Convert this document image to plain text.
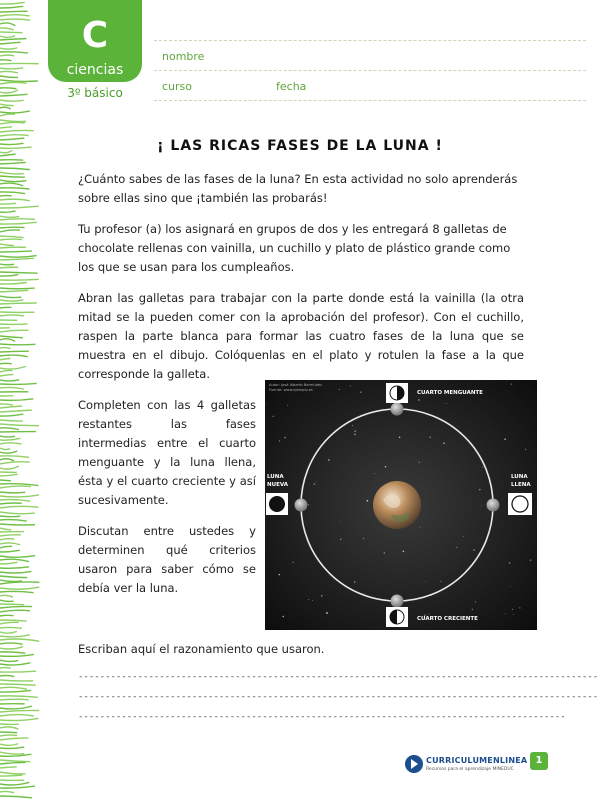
C
ciencias
3º básico
nombre
curso	fecha
¡ LAS RICAS FASES DE LA LUNA !

¿Cuánto sabes de las fases de la luna? En esta actividad no solo aprenderás sobre ellas sino que ¡también las probarás!

Tu profesor (a) los asignará en grupos de dos y les entregará 8 galletas de chocolate rellenas con vainilla, un cuchillo y plato de plástico grande como los que se usan para los cumpleaños.

Abran las galletas para trabajar con la parte donde está la vainilla (la otra mitad se la pueden comer con la aprobación del profesor). Con el cuchillo, raspen la parte blanca para formar las cuatro fases de la luna que se muestra en el dibujo. Colóquenlas en el plato y rotulen la fase a la que corresponde la galleta.

Completen con las 4 galletas restantes las fases intermedias entre el cuarto menguante y la luna llena, ésta y el cuarto creciente y así sucesivamente.

Discutan entre ustedes y determinen qué criterios usaron para saber cómo se debía ver la luna.

Escriban aquí el razonamiento que usaron.

------------------------------------------------------------------------------------------------
------------------------------------------------------------------------------------------------
------------------------------------------------------------------------------------------
Autor: José Alberto Bermúdez
Fuente: www.ejemplo.es	CUARTO MENGUANTE
CUARTO CRECIENTE
LUNA
NUEVA
LUNA
LLENA
CURRICULUMENLINEA
Recursos para el aprendizaje MINEDUC
1
